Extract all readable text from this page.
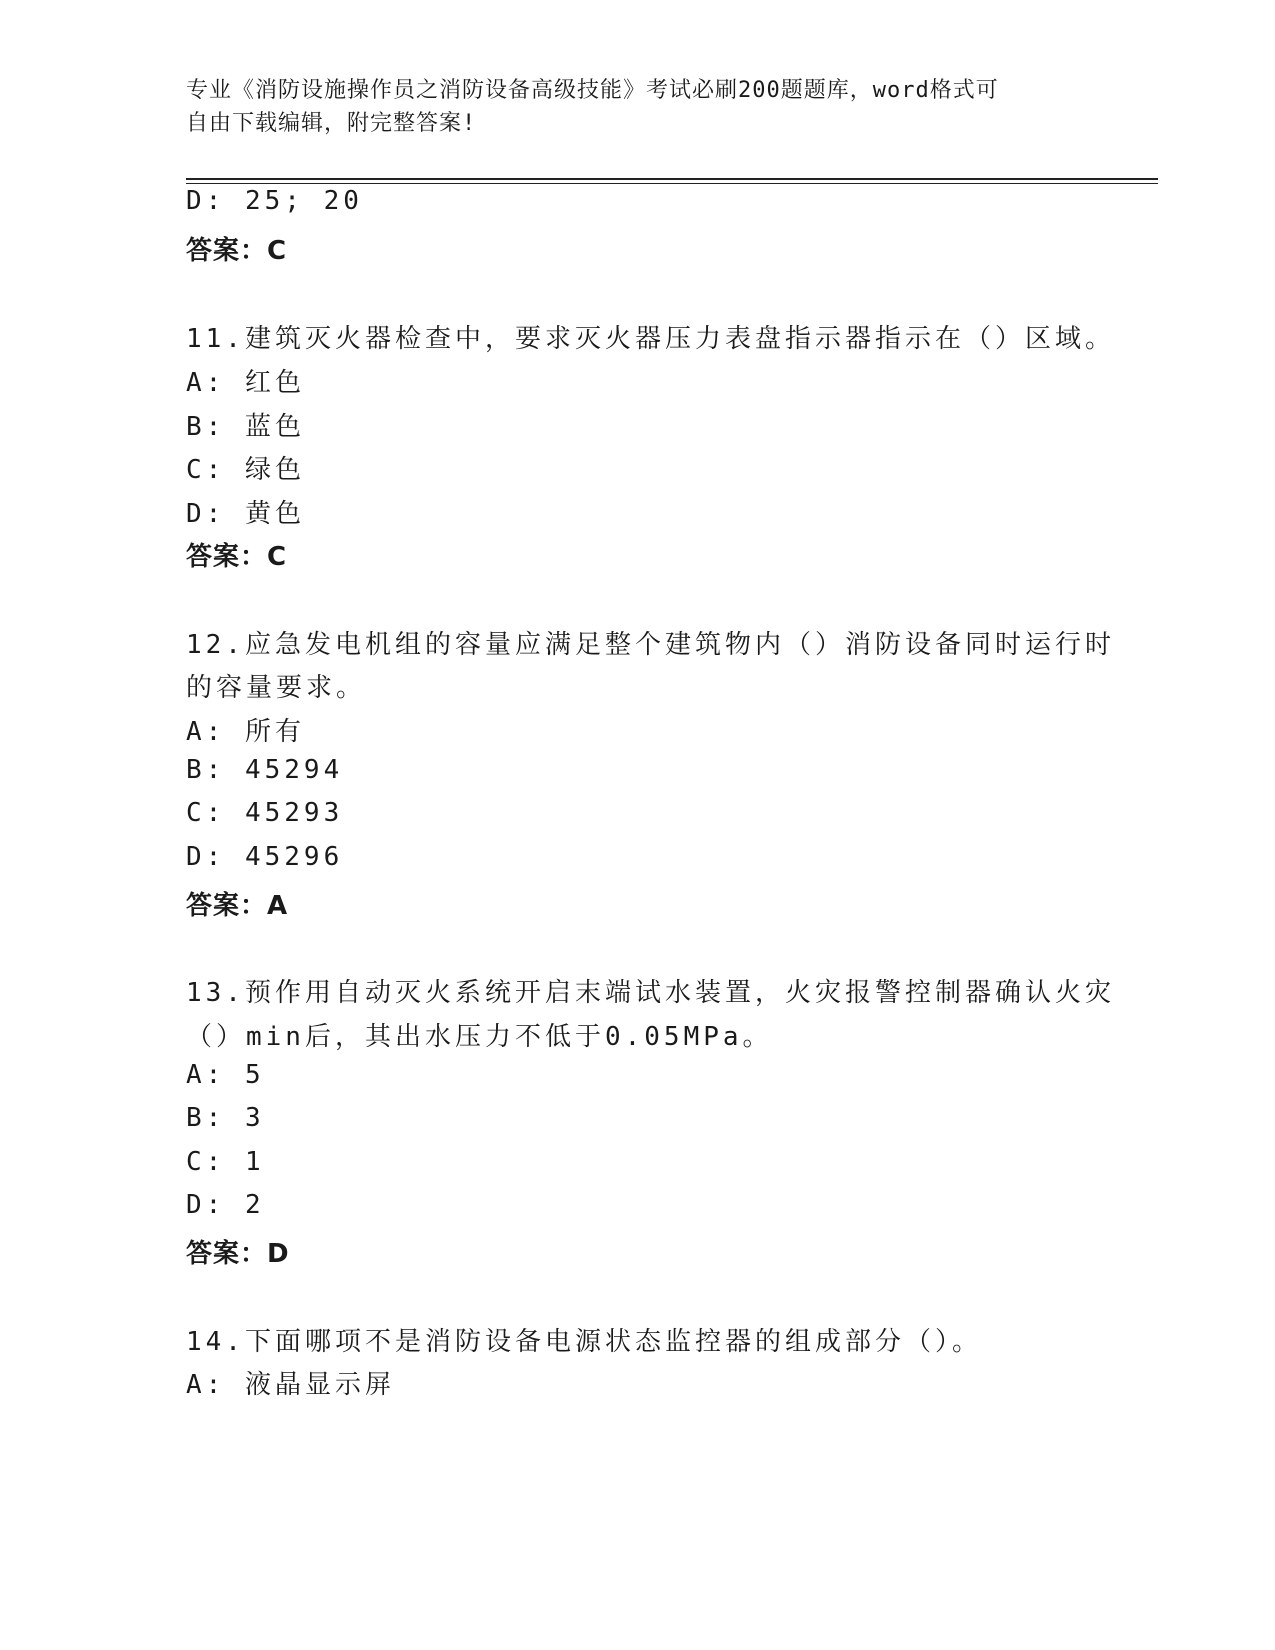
专业《消防设施操作员之消防设备高级技能》考试必刷200题题库，word格式可
自由下载编辑，附完整答案!
D: 25; 20
答案：C
11.建筑灭火器检查中，要求灭火器压力表盘指示器指示在（）区域。
A: 红色
B: 蓝色
C: 绿色
D: 黄色
答案：C
12.应急发电机组的容量应满足整个建筑物内（）消防设备同时运行时
的容量要求。
A: 所有
B: 45294
C: 45293
D: 45296
答案：A
13.预作用自动灭火系统开启末端试水装置，火灾报警控制器确认火灾
（）min后，其出水压力不低于0.05MPa。
A: 5
B: 3
C: 1
D: 2
答案：D
14.下面哪项不是消防设备电源状态监控器的组成部分（）。
A: 液晶显示屏
